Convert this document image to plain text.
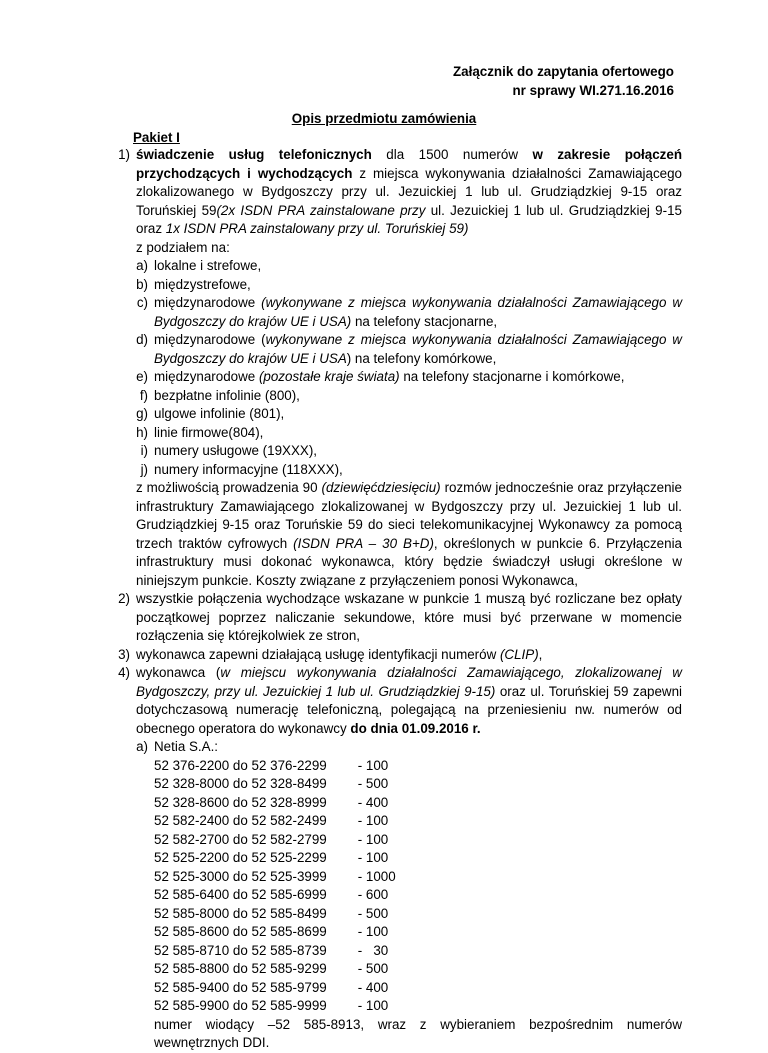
Załącznik do zapytania ofertowego
nr sprawy WI.271.16.2016
Opis przedmiotu zamówienia
Pakiet I
1) świadczenie usług telefonicznych dla 1500 numerów w zakresie połączeń przychodzących i wychodzących z miejsca wykonywania działalności Zamawiającego zlokalizowanego w Bydgoszczy przy ul. Jezuickiej 1 lub ul. Grudziądzkiej 9-15 oraz Toruńskiej 59(2x ISDN PRA zainstalowane przy ul. Jezuickiej 1 lub ul. Grudziądzkiej 9-15 oraz 1x ISDN PRA zainstalowany przy ul. Toruńskiej 59)
z podziałem na:
a) lokalne i strefowe,
b) międzystrefowe,
c) międzynarodowe (wykonywane z miejsca wykonywania działalności Zamawiającego w Bydgoszczy do krajów UE i USA) na telefony stacjonarne,
d) międzynarodowe (wykonywane z miejsca wykonywania działalności Zamawiającego w Bydgoszczy do krajów UE i USA) na telefony komórkowe,
e) międzynarodowe (pozostałe kraje świata) na telefony stacjonarne i komórkowe,
f) bezpłatne infolinie (800),
g) ulgowe infolinie (801),
h) linie firmowe(804),
i) numery usługowe (19XXX),
j) numery informacyjne (118XXX),
z możliwością prowadzenia 90 (dziewięćdziesięciu) rozmów jednocześnie oraz przyłączenie infrastruktury Zamawiającego zlokalizowanej w Bydgoszczy przy ul. Jezuickiej 1 lub ul. Grudziądzkiej 9-15 oraz Toruńskie 59 do sieci telekomunikacyjnej Wykonawcy za pomocą trzech traktów cyfrowych (ISDN PRA – 30 B+D), określonych w punkcie 6. Przyłączenia infrastruktury musi dokonać wykonawca, który będzie świadczył usługi określone w niniejszym punkcie. Koszty związane z przyłączeniem ponosi Wykonawca,
2) wszystkie połączenia wychodzące wskazane w punkcie 1 muszą być rozliczane bez opłaty początkowej poprzez naliczanie sekundowe, które musi być przerwane w momencie rozłączenia się którejkolwiek ze stron,
3) wykonawca zapewni działającą usługę identyfikacji numerów (CLIP),
4) wykonawca (w miejscu wykonywania działalności Zamawiającego, zlokalizowanej w Bydgoszczy, przy ul. Jezuickiej 1 lub ul. Grudziądzkiej 9-15) oraz ul. Toruńskiej 59 zapewni dotychczasową numerację telefoniczną, polegającą na przeniesieniu nw. numerów od obecnego operatora do wykonawcy do dnia 01.09.2016 r.
a) Netia S.A.:
52 376-2200 do 52 376-2299	- 100
52 328-8000 do 52 328-8499	- 500
52 328-8600 do 52 328-8999	- 400
52 582-2400 do 52 582-2499	- 100
52 582-2700 do 52 582-2799	- 100
52 525-2200 do 52 525-2299	- 100
52 525-3000 do 52 525-3999	- 1000
52 585-6400 do 52 585-6999	- 600
52 585-8000 do 52 585-8499	- 500
52 585-8600 do 52 585-8699	- 100
52 585-8710 do 52 585-8739	-   30
52 585-8800 do 52 585-9299	- 500
52 585-9400 do 52 585-9799	- 400
52 585-9900 do 52 585-9999	- 100
numer wiodący –52 585-8913, wraz z wybieraniem bezpośrednim numerów wewnętrznych DDI.
